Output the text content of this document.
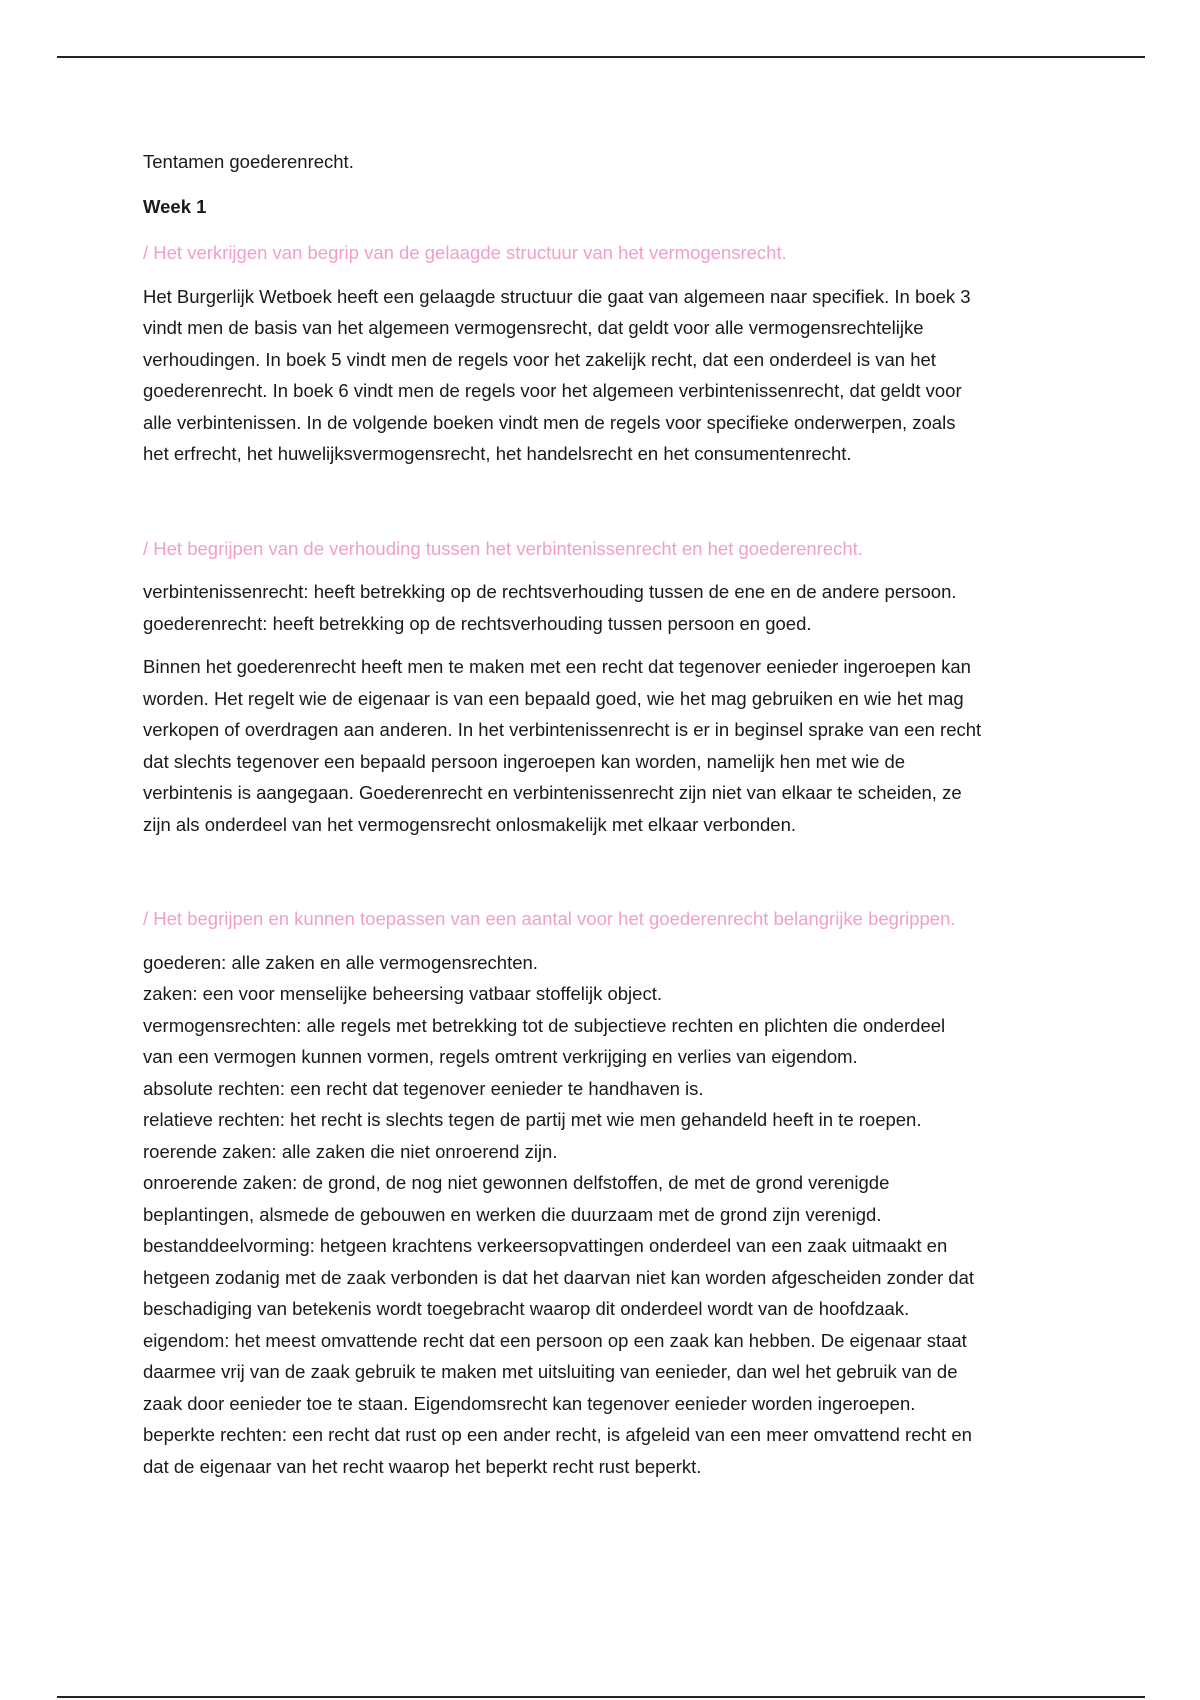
Tentamen goederenrecht.
Week 1
/ Het verkrijgen van begrip van de gelaagde structuur van het vermogensrecht.
Het Burgerlijk Wetboek heeft een gelaagde structuur die gaat van algemeen naar specifiek. In boek 3
vindt men de basis van het algemeen vermogensrecht, dat geldt voor alle vermogensrechtelijke
verhoudingen. In boek 5 vindt men de regels voor het zakelijk recht, dat een onderdeel is van het
goederenrecht. In boek 6 vindt men de regels voor het algemeen verbintenissenrecht, dat geldt voor
alle verbintenissen. In de volgende boeken vindt men de regels voor specifieke onderwerpen, zoals
het erfrecht, het huwelijksvermogensrecht, het handelsrecht en het consumentenrecht.
/ Het begrijpen van de verhouding tussen het verbintenissenrecht en het goederenrecht.
verbintenissenrecht: heeft betrekking op de rechtsverhouding tussen de ene en de andere persoon.
goederenrecht: heeft betrekking op de rechtsverhouding tussen persoon en goed.
Binnen het goederenrecht heeft men te maken met een recht dat tegenover eenieder ingeroepen kan
worden. Het regelt wie de eigenaar is van een bepaald goed, wie het mag gebruiken en wie het mag
verkopen of overdragen aan anderen. In het verbintenissenrecht is er in beginsel sprake van een recht
dat slechts tegenover een bepaald persoon ingeroepen kan worden, namelijk hen met wie de
verbintenis is aangegaan. Goederenrecht en verbintenissenrecht zijn niet van elkaar te scheiden, ze
zijn als onderdeel van het vermogensrecht onlosmakelijk met elkaar verbonden.
/ Het begrijpen en kunnen toepassen van een aantal voor het goederenrecht belangrijke begrippen.
goederen: alle zaken en alle vermogensrechten.
zaken: een voor menselijke beheersing vatbaar stoffelijk object.
vermogensrechten: alle regels met betrekking tot de subjectieve rechten en plichten die onderdeel
van een vermogen kunnen vormen, regels omtrent verkrijging en verlies van eigendom.
absolute rechten: een recht dat tegenover eenieder te handhaven is.
relatieve rechten: het recht is slechts tegen de partij met wie men gehandeld heeft in te roepen.
roerende zaken: alle zaken die niet onroerend zijn.
onroerende zaken: de grond, de nog niet gewonnen delfstoffen, de met de grond verenigde
beplantingen, alsmede de gebouwen en werken die duurzaam met de grond zijn verenigd.
bestanddeelvorming: hetgeen krachtens verkeersopvattingen onderdeel van een zaak uitmaakt en
hetgeen zodanig met de zaak verbonden is dat het daarvan niet kan worden afgescheiden zonder dat
beschadiging van betekenis wordt toegebracht waarop dit onderdeel wordt van de hoofdzaak.
eigendom: het meest omvattende recht dat een persoon op een zaak kan hebben. De eigenaar staat
daarmee vrij van de zaak gebruik te maken met uitsluiting van eenieder, dan wel het gebruik van de
zaak door eenieder toe te staan. Eigendomsrecht kan tegenover eenieder worden ingeroepen.
beperkte rechten: een recht dat rust op een ander recht, is afgeleid van een meer omvattend recht en
dat de eigenaar van het recht waarop het beperkt recht rust beperkt.
